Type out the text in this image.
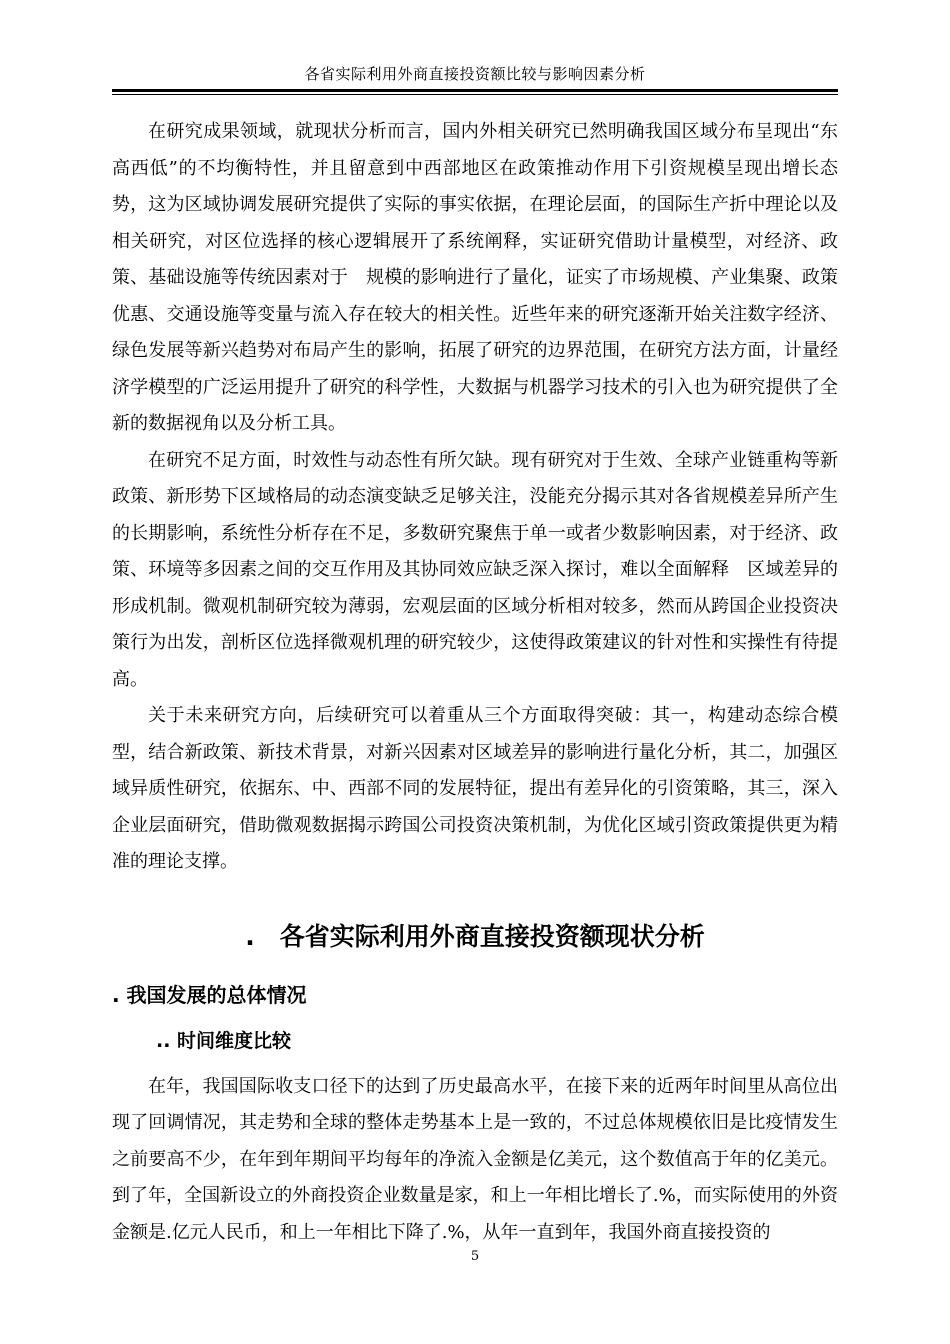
各省实际利用外商直接投资额比较与影响因素分析

在研究成果领域，就现状分析而言，国内外相关研究已然明确我国区域分布呈现出“东高西低”的不均衡特性，并且留意到中西部地区在政策推动作用下引资规模呈现出增长态势，这为区域协调发展研究提供了实际的事实依据，在理论层面，的国际生产折中理论以及相关研究，对区位选择的核心逻辑展开了系统阐释，实证研究借助计量模型，对经济、政策、基础设施等传统因素对于　规模的影响进行了量化，证实了市场规模、产业集聚、政策优惠、交通设施等变量与流入存在较大的相关性。近些年来的研究逐渐开始关注数字经济、绿色发展等新兴趋势对布局产生的影响，拓展了研究的边界范围，在研究方法方面，计量经济学模型的广泛运用提升了研究的科学性，大数据与机器学习技术的引入也为研究提供了全新的数据视角以及分析工具。

在研究不足方面，时效性与动态性有所欠缺。现有研究对于生效、全球产业链重构等新政策、新形势下区域格局的动态演变缺乏足够关注，没能充分揭示其对各省规模差异所产生的长期影响，系统性分析存在不足，多数研究聚焦于单一或者少数影响因素，对于经济、政策、环境等多因素之间的交互作用及其协同效应缺乏深入探讨，难以全面解释　区域差异的形成机制。微观机制研究较为薄弱，宏观层面的区域分析相对较多，然而从跨国企业投资决策行为出发，剖析区位选择微观机理的研究较少，这使得政策建议的针对性和实操性有待提高。

关于未来研究方向，后续研究可以着重从三个方面取得突破：其一，构建动态综合模型，结合新政策、新技术背景，对新兴因素对区域差异的影响进行量化分析，其二，加强区域异质性研究，依据东、中、西部不同的发展特征，提出有差异化的引资策略，其三，深入企业层面研究，借助微观数据揭示跨国公司投资决策机制，为优化区域引资政策提供更为精准的理论支撑。

.　各省实际利用外商直接投资额现状分析
. 我国发展的总体情况
.. 时间维度比较

在年，我国国际收支口径下的达到了历史最高水平，在接下来的近两年时间里从高位出现了回调情况，其走势和全球的整体走势基本上是一致的，不过总体规模依旧是比疫情发生之前要高不少，在年到年期间平均每年的净流入金额是亿美元，这个数值高于年的亿美元。到了年，全国新设立的外商投资企业数量是家，和上一年相比增长了.%，而实际使用的外资金额是.亿元人民币，和上一年相比下降了.%，从年一直到年，我国外商直接投资的

5
